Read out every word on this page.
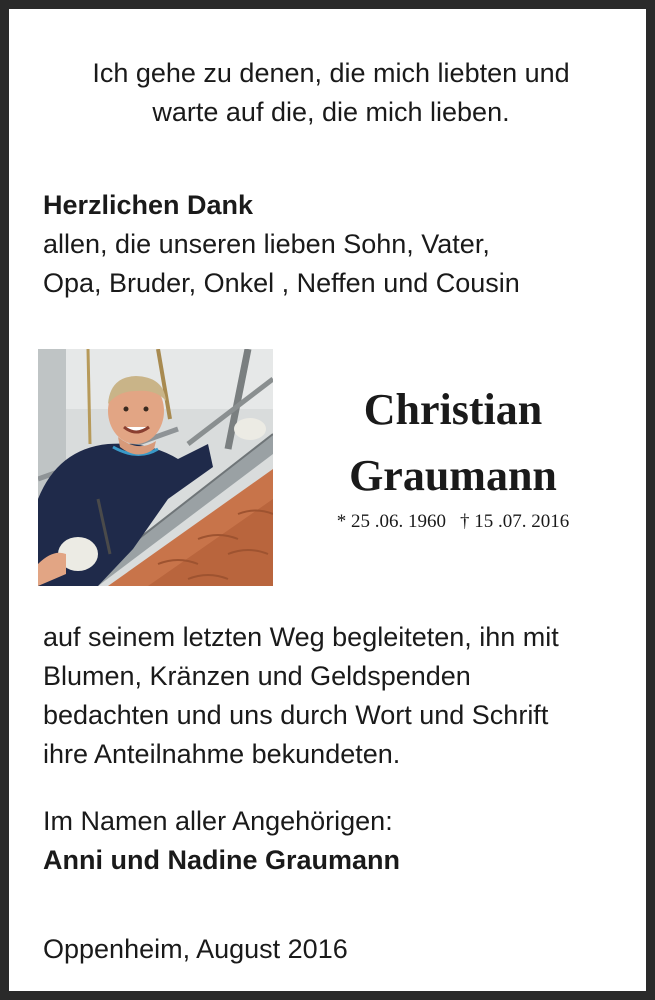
Ich gehe zu denen, die mich liebten und
warte auf die, die mich lieben.
Herzlichen Dank
allen, die unseren lieben Sohn, Vater,
Opa, Bruder, Onkel , Neffen und Cousin
Christian
Graumann
* 25 .06. 1960 † 15 .07. 2016
auf seinem letzten Weg begleiteten, ihn mit
Blumen, Kränzen und Geldspenden
bedachten und uns durch Wort und Schrift
ihre Anteilnahme bekundeten.
Im Namen aller Angehörigen:
Anni und Nadine Graumann
Oppenheim, August 2016
